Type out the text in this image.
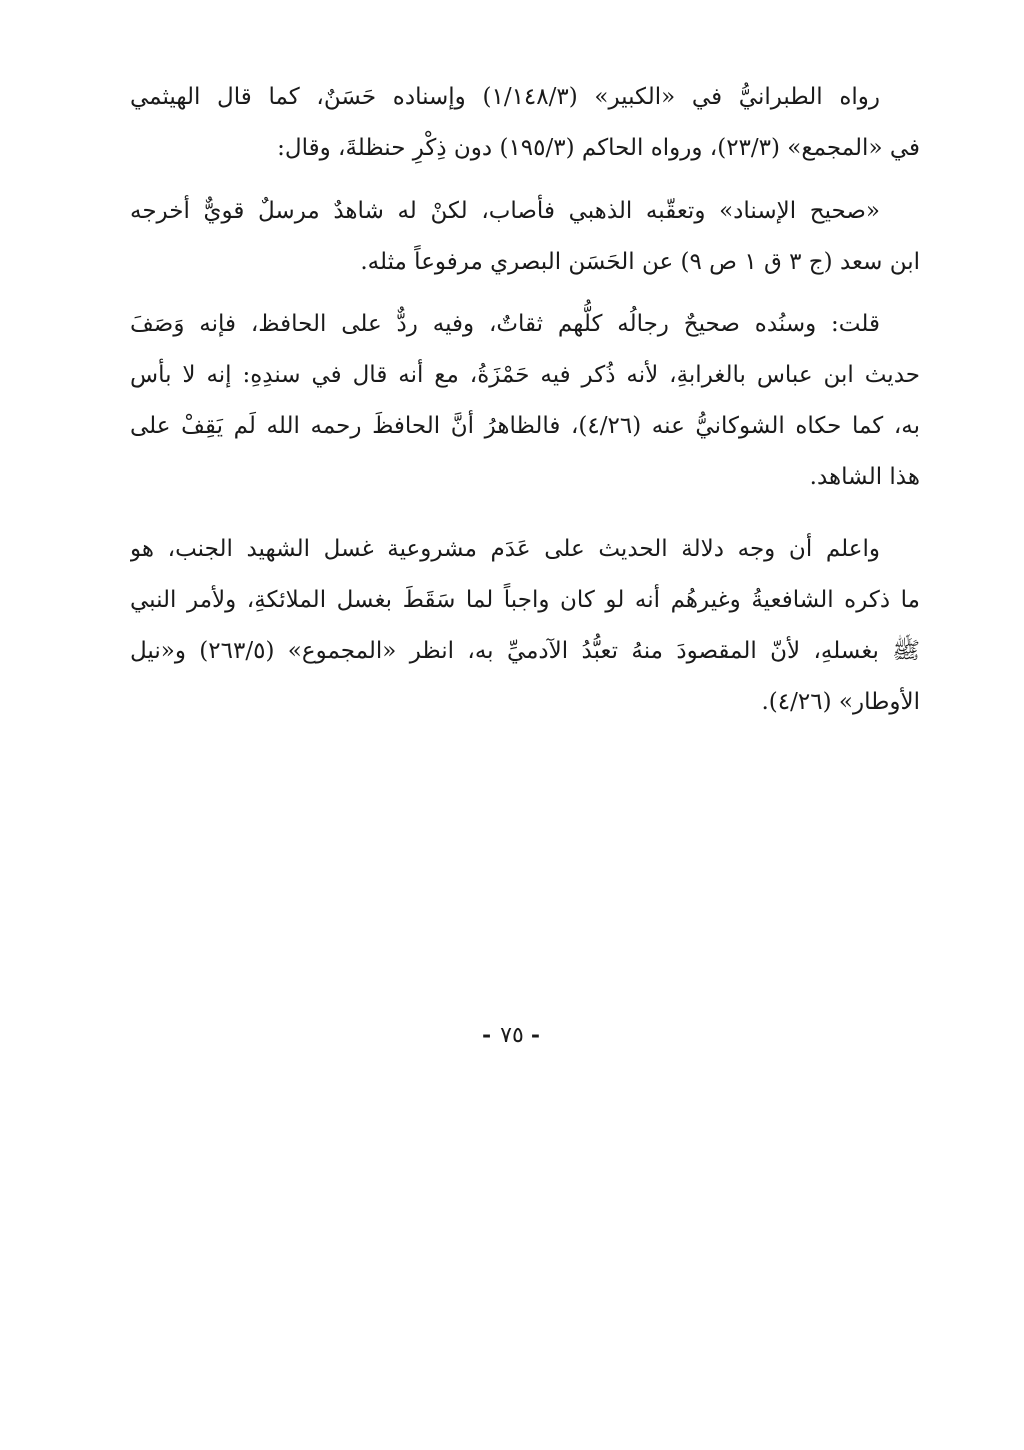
رواه الطبرانيُّ في «الكبير» (١/١٤٨/٣) وإسناده حَسَنٌ، كما قال الهيثمي
في «المجمع» (٢٣/٣)، ورواه الحاكم (١٩٥/٣) دون ذِكْرِ حنظلةَ، وقال:
«صحيح الإسناد» وتعقّبه الذهبي فأصاب، لكنْ له شاهدٌ مرسلٌ قويٌّ أخرجه
ابن سعد (ج ٣ ق ١ ص ٩) عن الحَسَن البصري مرفوعاً مثله.
قلت: وسنُده صحيحٌ رجالُه كلُّهم ثقاتٌ، وفيه ردٌّ على الحافظ، فإنه وَصَفَ
حديث ابن عباس بالغرابةِ، لأنه ذُكر فيه حَمْزَةُ، مع أنه قال في سندِهِ: إنه لا بأس
به، كما حكاه الشوكانيُّ عنه (٤/٢٦)، فالظاهرُ أنَّ الحافظَ رحمه الله لَم يَقِفْ على
هذا الشاهد.
واعلم أن وجه دلالة الحديث على عَدَم مشروعية غسل الشهيد الجنب، هو
ما ذكره الشافعيةُ وغيرهُم أنه لو كان واجباً لما سَقَطَ بغسل الملائكةِ، ولأمر النبي
ﷺ بغسلهِ، لأنّ المقصودَ منهُ تعبُّدُ الآدميِّ به، انظر «المجموع» (٢٦٣/٥) و«نيل
الأوطار» (٤/٢٦).
- ٧٥ -
